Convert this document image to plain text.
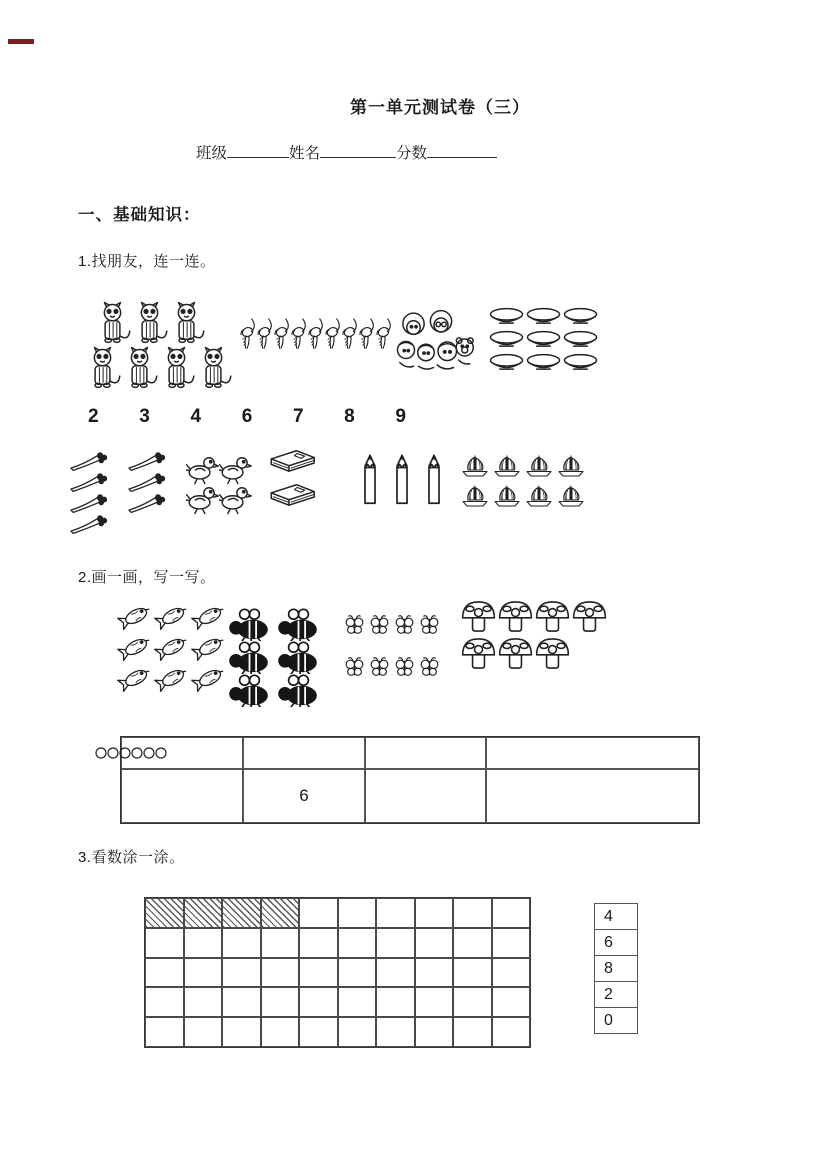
第一单元测试卷（三）
班级	姓名	分数
一、基础知识：
1.找朋友，连一连。
2 3 4 6 7 8 9
2.画一画，写一写。
6
3.看数涂一涂。
4
6
8
2
0
